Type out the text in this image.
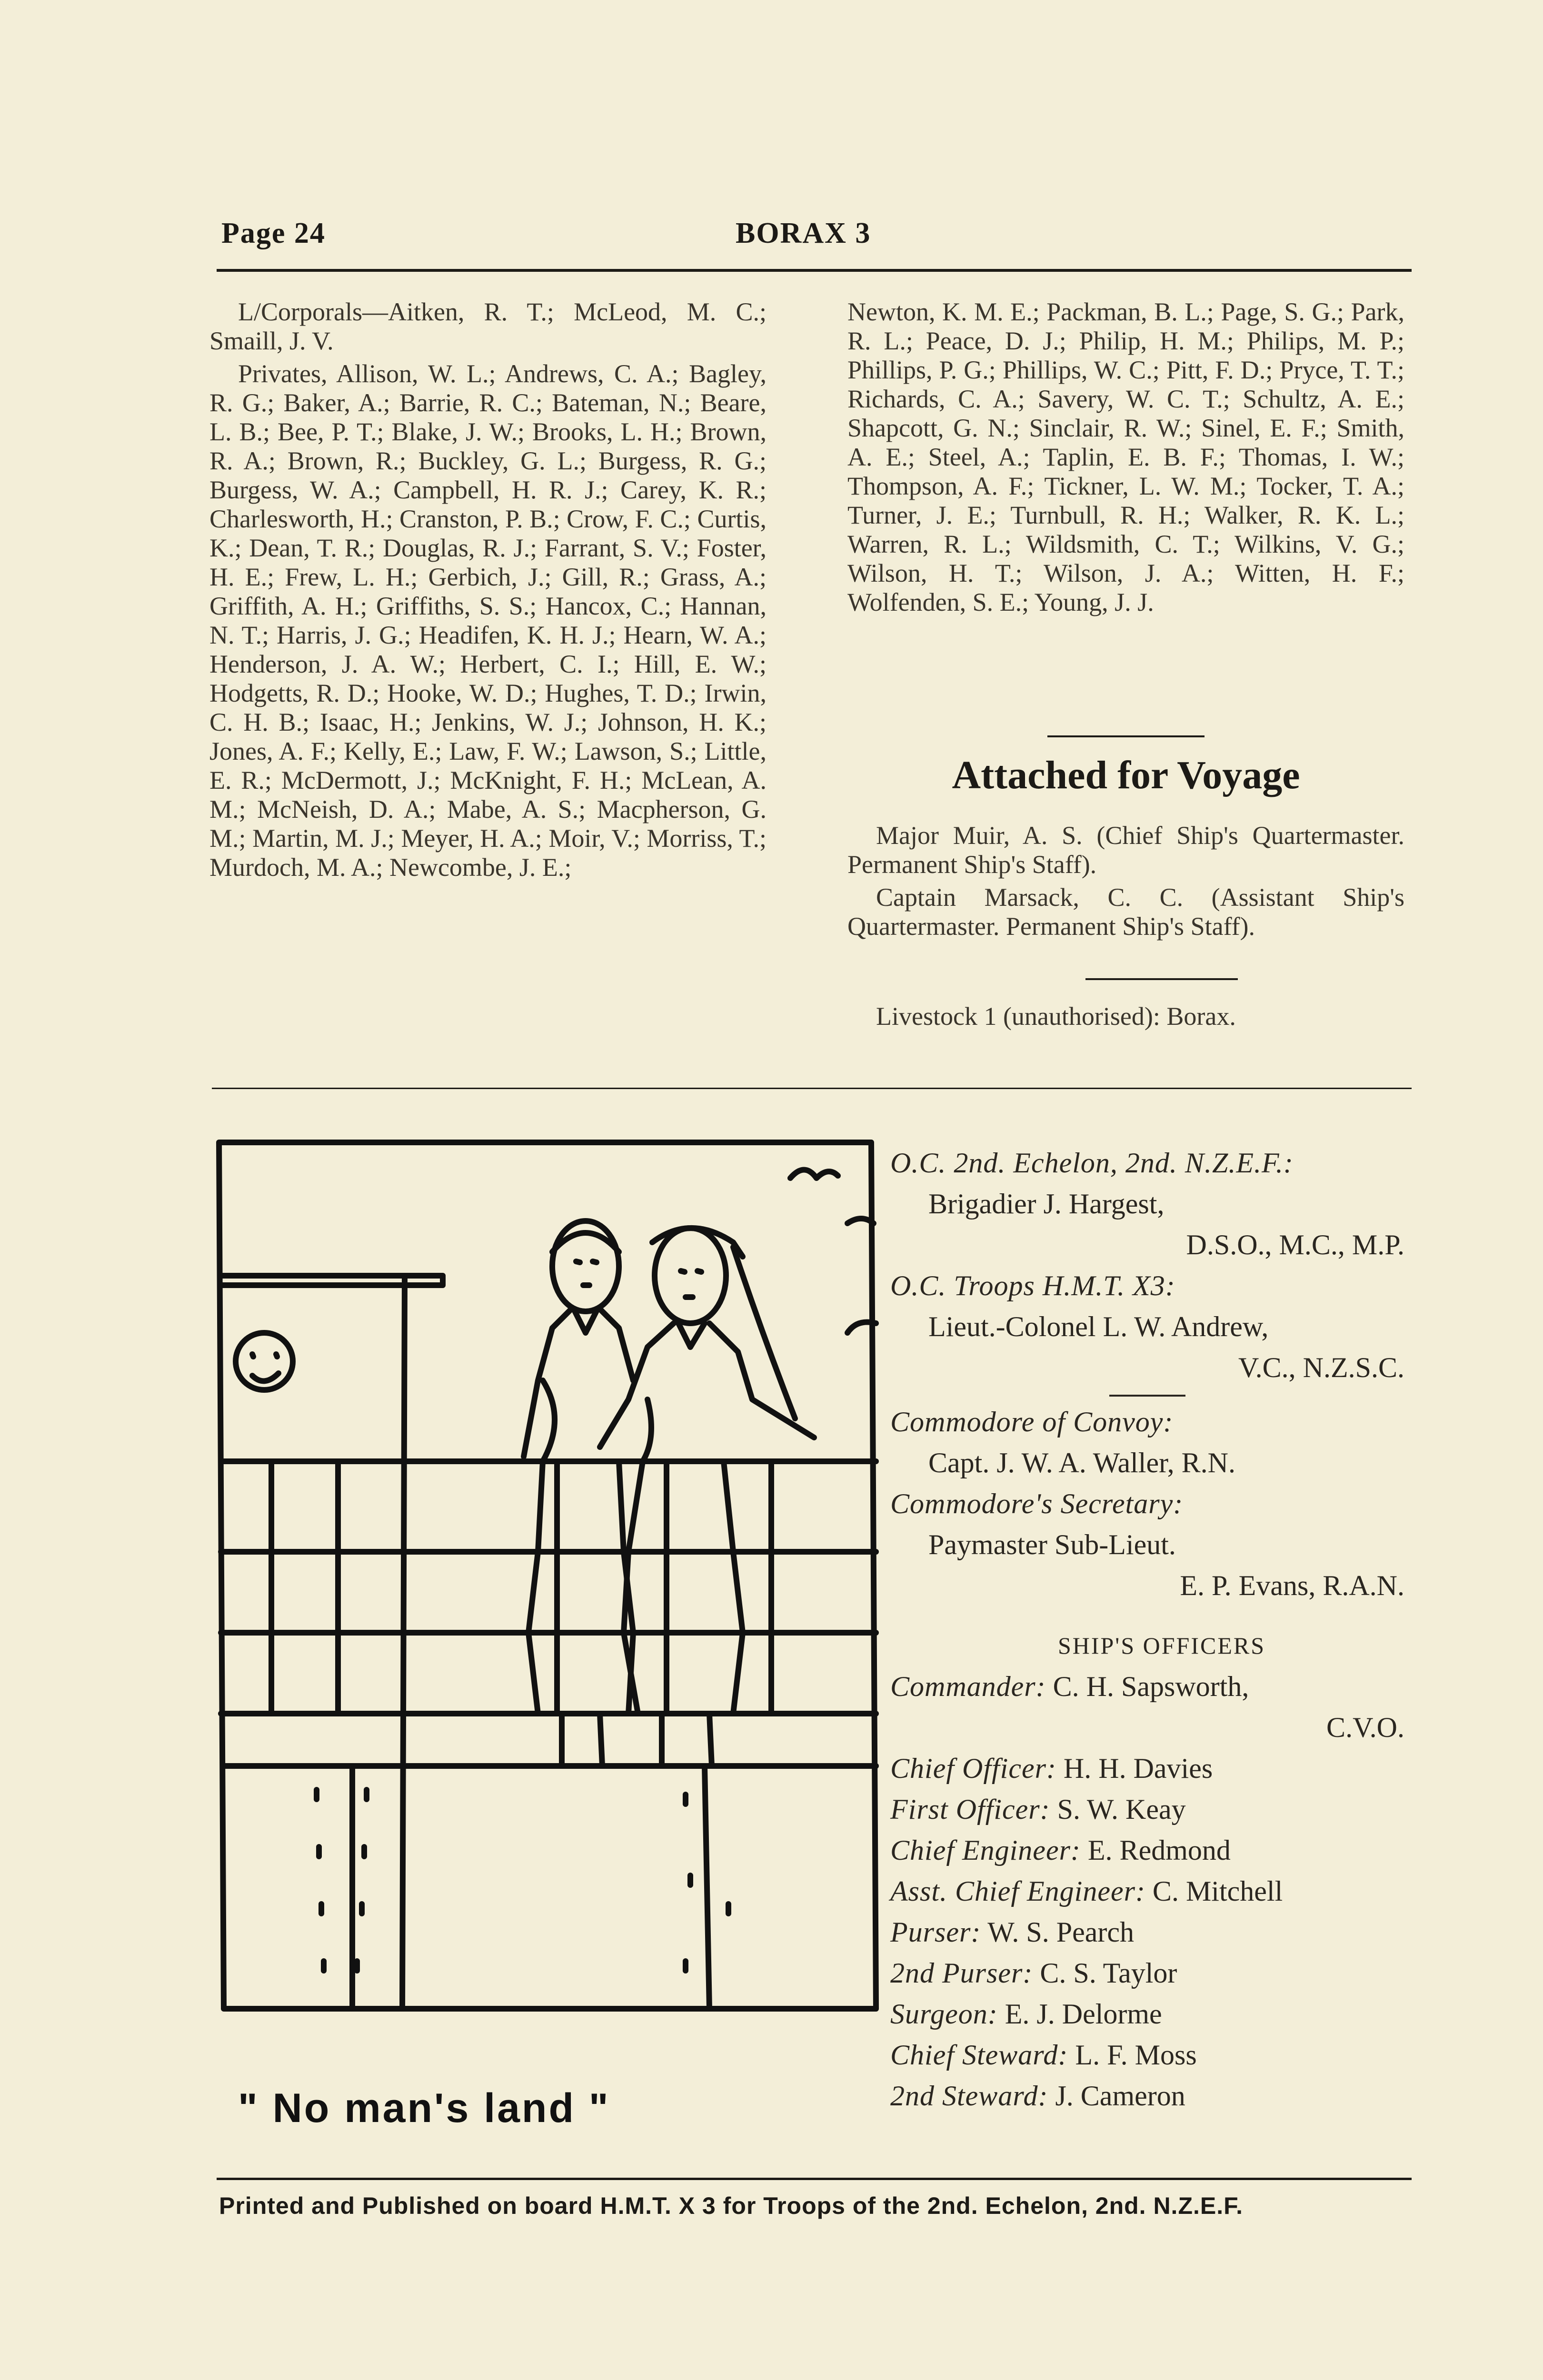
Page 24	BORAX 3

L/Corporals—Aitken, R. T.; McLeod, M. C.; Smaill, J. V.

Privates, Allison, W. L.; Andrews, C. A.; Bagley, R. G.; Baker, A.; Barrie, R. C.; Bateman, N.; Beare, L. B.; Bee, P. T.; Blake, J. W.; Brooks, L. H.; Brown, R. A.; Brown, R.; Buckley, G. L.; Burgess, R. G.; Burgess, W. A.; Campbell, H. R. J.; Carey, K. R.; Charlesworth, H.; Cranston, P. B.; Crow, F. C.; Curtis, K.; Dean, T. R.; Douglas, R. J.; Farrant, S. V.; Foster, H. E.; Frew, L. H.; Gerbich, J.; Gill, R.; Grass, A.; Griffith, A. H.; Griffiths, S. S.; Hancox, C.; Hannan, N. T.; Harris, J. G.; Headifen, K. H. J.; Hearn, W. A.; Henderson, J. A. W.; Herbert, C. I.; Hill, E. W.; Hodgetts, R. D.; Hooke, W. D.; Hughes, T. D.; Irwin, C. H. B.; Isaac, H.; Jenkins, W. J.; Johnson, H. K.; Jones, A. F.; Kelly, E.; Law, F. W.; Lawson, S.; Little, E. R.; McDermott, J.; McKnight, F. H.; McLean, A. M.; McNeish, D. A.; Mabe, A. S.; Macpherson, G. M.; Martin, M. J.; Meyer, H. A.; Moir, V.; Morriss, T.; Murdoch, M. A.; Newcombe, J. E.;

Newton, K. M. E.; Packman, B. L.; Page, S. G.; Park, R. L.; Peace, D. J.; Philip, H. M.; Philips, M. P.; Phillips, P. G.; Phillips, W. C.; Pitt, F. D.; Pryce, T. T.; Richards, C. A.; Savery, W. C. T.; Schultz, A. E.; Shapcott, G. N.; Sinclair, R. W.; Sinel, E. F.; Smith, A. E.; Steel, A.; Taplin, E. B. F.; Thomas, I. W.; Thompson, A. F.; Tickner, L. W. M.; Tocker, T. A.; Turner, J. E.; Turnbull, R. H.; Walker, R. K. L.; Warren, R. L.; Wildsmith, C. T.; Wilkins, V. G.; Wilson, H. T.; Wilson, J. A.; Witten, H. F.; Wolfenden, S. E.; Young, J. J.

Attached for Voyage

Major Muir, A. S. (Chief Ship's Quartermaster. Permanent Ship's Staff).

Captain Marsack, C. C. (Assistant Ship's Quartermaster. Permanent Ship's Staff).

Livestock 1 (unauthorised): Borax.

" No man's land "
O.C. 2nd. Echelon, 2nd. N.Z.E.F.:
Brigadier J. Hargest,
D.S.O., M.C., M.P.
O.C. Troops H.M.T. X3:
Lieut.-Colonel L. W. Andrew,
V.C., N.Z.S.C.
Commodore of Convoy:
Capt. J. W. A. Waller, R.N.
Commodore's Secretary:
Paymaster Sub-Lieut.
E. P. Evans, R.A.N.
SHIP'S OFFICERS
Commander: C. H. Sapsworth,
C.V.O.
Chief Officer: H. H. Davies
First Officer: S. W. Keay
Chief Engineer: E. Redmond
Asst. Chief Engineer: C. Mitchell
Purser: W. S. Pearch
2nd Purser: C. S. Taylor
Surgeon: E. J. Delorme
Chief Steward: L. F. Moss
2nd Steward: J. Cameron
Printed and Published on board H.M.T. X 3 for Troops of the 2nd. Echelon, 2nd. N.Z.E.F.
